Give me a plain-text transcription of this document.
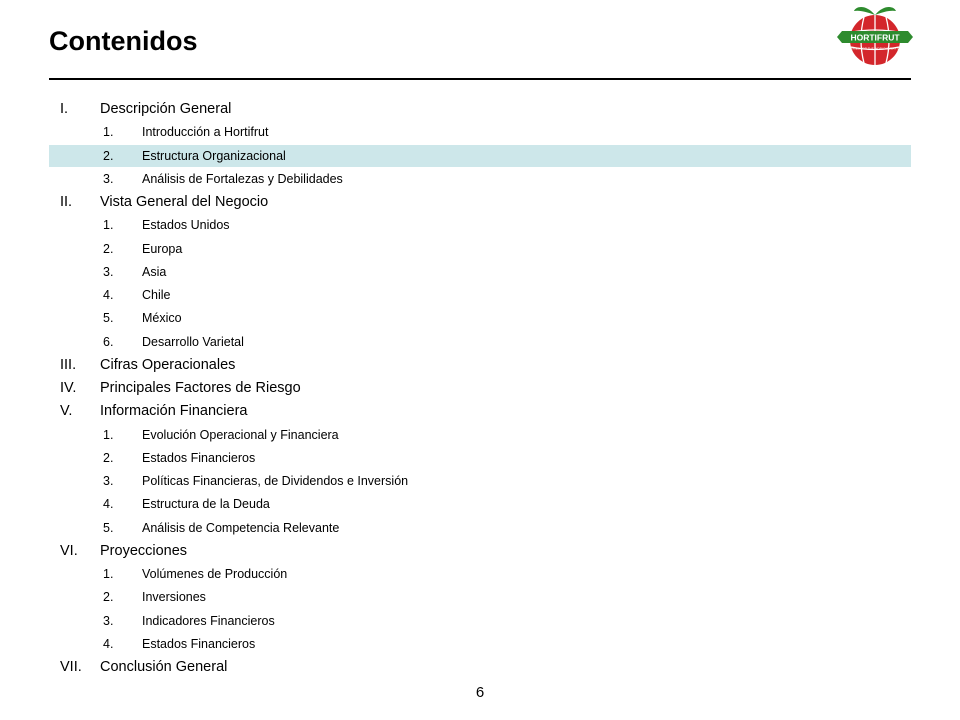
Contenidos	HORTIFRUT
BERRIES FOR THE WORLD EVERY DAY
I. Descripción General
1. Introducción a Hortifrut
2. Estructura Organizacional
3. Análisis de Fortalezas y Debilidades
II. Vista General del Negocio
1. Estados Unidos
2. Europa
3. Asia
4. Chile
5. México
6. Desarrollo Varietal
III. Cifras Operacionales
IV. Principales Factores de Riesgo
V. Información Financiera
1. Evolución Operacional y Financiera
2. Estados Financieros
3. Políticas Financieras, de Dividendos e Inversión
4. Estructura de la Deuda
5. Análisis de Competencia Relevante
VI. Proyecciones
1. Volúmenes de Producción
2. Inversiones
3. Indicadores Financieros
4. Estados Financieros
VII. Conclusión General
6
